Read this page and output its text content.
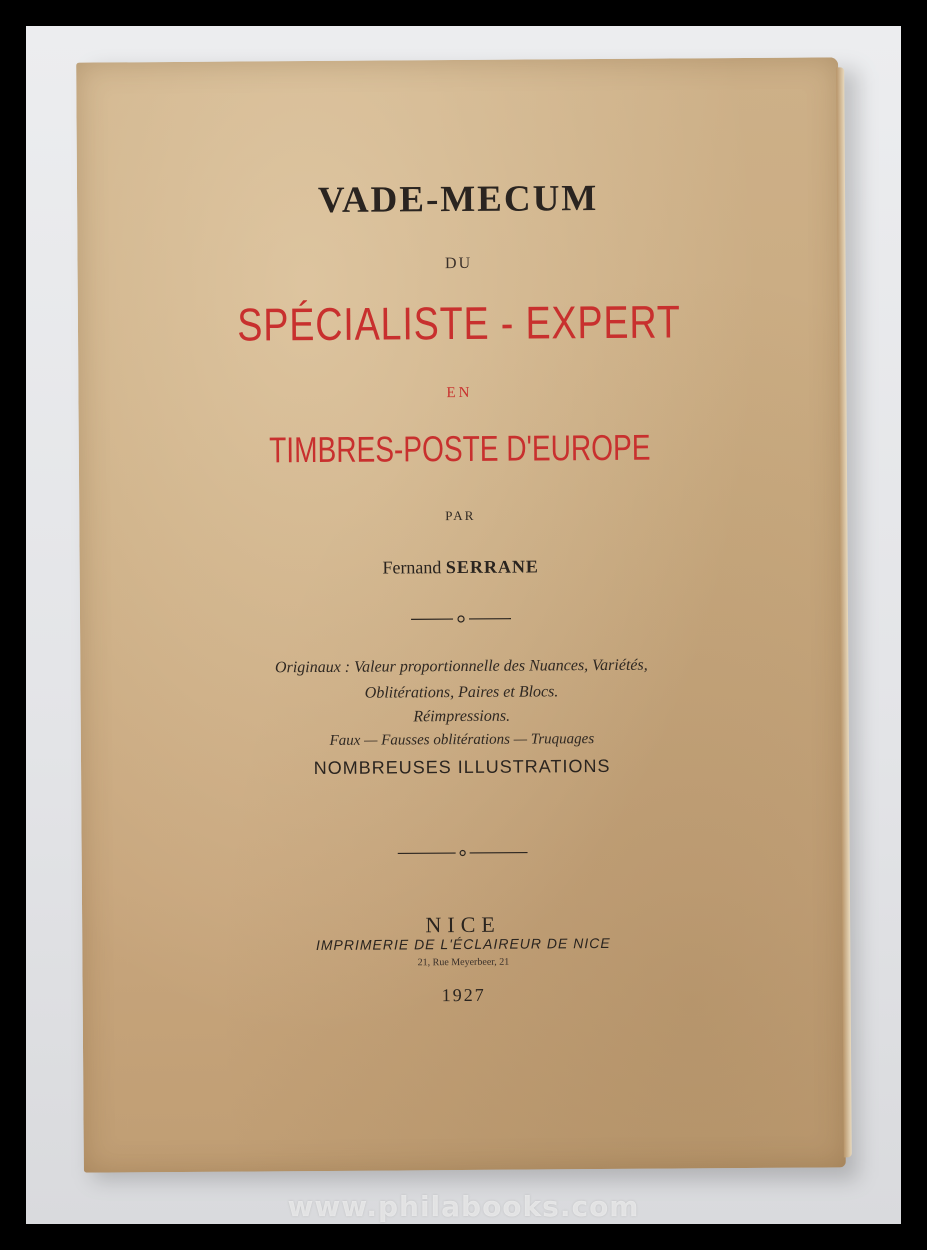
VADE-MECUM
DU
SPÉCIALISTE - EXPERT
EN
TIMBRES-POSTE D'EUROPE
PAR
Fernand SERRANE
Originaux : Valeur proportionnelle des Nuances, Variétés,
Oblitérations, Paires et Blocs.
Réimpressions.
Faux — Fausses oblitérations — Truquages
NOMBREUSES ILLUSTRATIONS
NICE
IMPRIMERIE DE L'ÉCLAIREUR DE NICE
21, Rue Meyerbeer, 21
1927
www.philabooks.com
